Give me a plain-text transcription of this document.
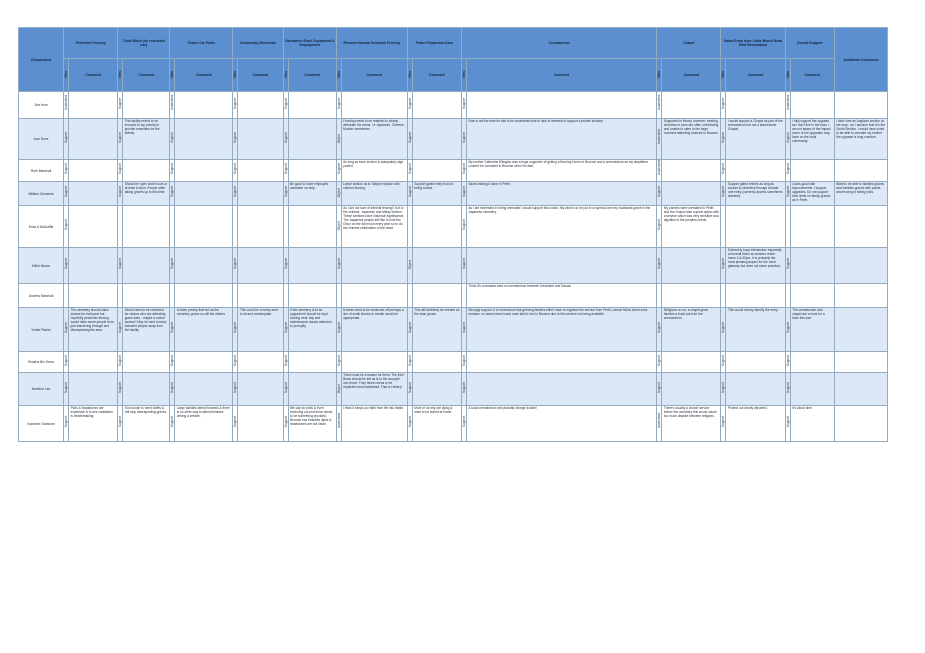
Respondent	Perimeter Fencing		Toilet Block (for restricted use)		Future Car Parks		Community Memorials		Caretakers Shed, Equipment & Employment		Remove Internal Sectional Fencing		Future Expansion Area		Crematorium		Chapel		Gated Entry from Cable Beach Road East Roundabout		Overall Support		Additional Comments
	View	Comment	View	Comment	View	Comment	View	Comment	View	Comment	View	Comment	View	Comment	View	Comment	View	Comment	View	Comment	View	Comment	
Sue from	Undecided		Support		Undecided		Support		Support		Support		Support		Support		Undecided		Support		Undecided		
Ivan Dove	Support		Support	This facility needs to be ensured to top priority to provide amenities for the elderly.	Support		Support		Support		Object	Fencing needs to be retained to clearly delineate the areas. i.e Japanese, Chinese, Muslim cemeteries.	Support		Support	Now is not the time for this to be considered due to lack of demand to support a private industry.	Undecided	Supported in theory, however, existing churches in town are often overflowing and unable to cater to the large numbers attending funerals in Broome.	Support	I would support a Chapel as part of the crematorium but not a stand alone Chapel.	Support	I fully support the upgrade, as I don't live in the town I am not aware of the impact some of the upgrades may have on the local community.	I didn't see an Anglican section on the map - do I assume that it is the South Section. I would have loved to be able to cremate my mother the upgrade is long overdue.
Ruth Marshall	Support		Support		Support		Support		Support		Support	As long as each section is adequately sign posted.	Support		Support	My mother Catherine Ellington was a huge supporter of getting a Burning Home in Broome and a crematorium as my stepfather couldn't be cremated in Broome when he died.	Undecided		Support		Support		
William Clements	Support		Support	Should be open work hours or at least to 6pm. People often taking graves up to this time.	Support		Support		Support	Be good to have employed caretaker on duty.	Object	Leave section as is. Maybe replace with uniform fencing.	Support	Support gated entry but not being locked.	Support	Saves having it done in Perth.	Support		Support	Support gated entries as long as access to cemetery through at least one entry (currently access sometimes claimed).	Support	Looks good with improvements. I support upgrades. Do not support time limits on family graves as in Perth.	Want to be able to families graves land families graves with plants and fencing of family plots.
Erica A McAuliffe	Support										Object	As I am not sure of internal fencing? Is it to the chinese, Japanese and Malay section. These sections have historical significance. The Japanese people still like to hold the Obon on the full moon every year so to do the chinese celebration of the dead.			Support	As I am interested in being cremated I would support this notion. My wish is to be put in or spread over my husbands grave in the Japanese cemetery.	Support	My parents were cremated in Perth and the Chapel was a great option with a service which was very sensitive and dignified to the peoples needs.					
Mitch Moore	Support		Support		Support		Support		Support		Support		Object		Support		Support		Support	Extremely busy intersection especially at funeral times as workers return home 4-4:30pm. It is probably the most pleasing aspect for the most gateway but does not seem practical.	Support		
Andrew Marshall																Think it's a fantastic idea no crematorium between Geraldton and Darwin.							
Yvette Parker	Support	The cemetery should allow access for everyone but hopefully perimeter fencing would deter some people from just wandering through and disrespecting the area.	Support	Would need to be restricted for visitors who are attending grave sites - maybe a coded access? May be hard to keep transient people away from the facility.	Support	A lower priority that but as the cemetery grows so will the visitors.	Support	This could be a lovely area to sit and contemplate.	Support	If the cemetery is to be upgraded it should be kept looking neat, tidy and maintenance issues attended to promptly.	Support	If areas need to be sectioned off perhaps a line of small shrubs or similar would be appropriate.	Support	This will definitely be needed as the town grows.	Support	Strongly support. It is horrendous that grieving families either have to organise the service from Perth, cannot follow loved ones remains, or cannot have loved ones laid to rest in Broome due to this service not being available.	Support	Religious or not, a chapel gives families a focal point for the crematorium.	Support	This would clearly identify the entry.	Support	The crematorium and chapel are a must for a town this size.	
Shasha Bin Omar	Support		Support		Support		Support		Support		Support		Support		Support		Support		Support		Support		
Noelene Lee	Support		Support		Support		Support		Support		Object	There must be a reason for them. The Irish Blues should be left as is to the wrought iron fence. They fence needs to be repainted and maintained. That is History!	Support		Support		Support		Support		Support		
Kandese Garstone	Support	Plots & headstones are expensive & to see vandalism is heartbreaking.	Support	It is human to need toilets & will stop disrespecting graves.	Support	Large families attend funerals & there is no other way to attend besides driving a vehicle.	Support		Support	We pay for plots & even reserving our plot there needs to be something provided. Broome has beautiful lights & headstones are not clean.	Undecided	I think it keeps our faith from life into death.	Support	More of us rely are dying & want to be buried at home.	Support	A local crematorium will probably charge double!	Undecided	There's usually a church service before the cemetery this would cause too much dispute between religions.	Support	Protect our dearly departed.	Support	It's about time.	
